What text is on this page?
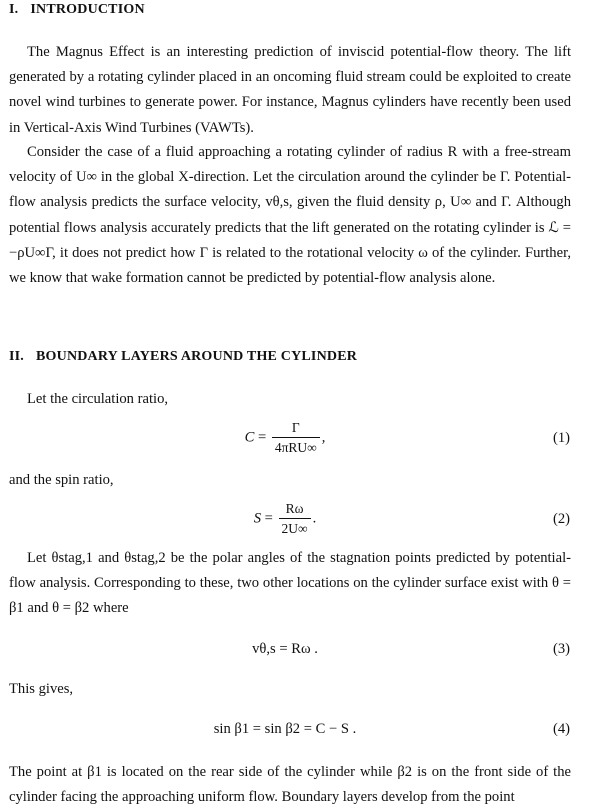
I. INTRODUCTION
The Magnus Effect is an interesting prediction of inviscid potential-flow theory. The lift generated by a rotating cylinder placed in an oncoming fluid stream could be exploited to create novel wind turbines to generate power. For instance, Magnus cylinders have recently been used in Vertical-Axis Wind Turbines (VAWTs).
Consider the case of a fluid approaching a rotating cylinder of radius R with a free-stream velocity of U∞ in the global X-direction. Let the circulation around the cylinder be Γ. Potential-flow analysis predicts the surface velocity, vθ,s, given the fluid density ρ, U∞ and Γ. Although potential flows analysis accurately predicts that the lift generated on the rotating cylinder is ℒ = −ρU∞Γ, it does not predict how Γ is related to the rotational velocity ω of the cylinder. Further, we know that wake formation cannot be predicted by potential-flow analysis alone.
II. BOUNDARY LAYERS AROUND THE CYLINDER
Let the circulation ratio,
$C = \frac{\Gamma}{\text{4πRU∞}}$ ,	(1)
and the spin ratio,
$S = \frac{R\omega}{2U\infty}$ .	(2)
Let θstag,1 and θstag,2 be the polar angles of the stagnation points predicted by potential-flow analysis. Corresponding to these, two other locations on the cylinder surface exist with θ = β1 and θ = β2 where
vθ,s = Rω .	(3)
This gives,
sin β1 = sin β2 = C − S .	(4)
The point at β1 is located on the rear side of the cylinder while β2 is on the front side of the cylinder facing the approaching uniform flow. Boundary layers develop from the point
